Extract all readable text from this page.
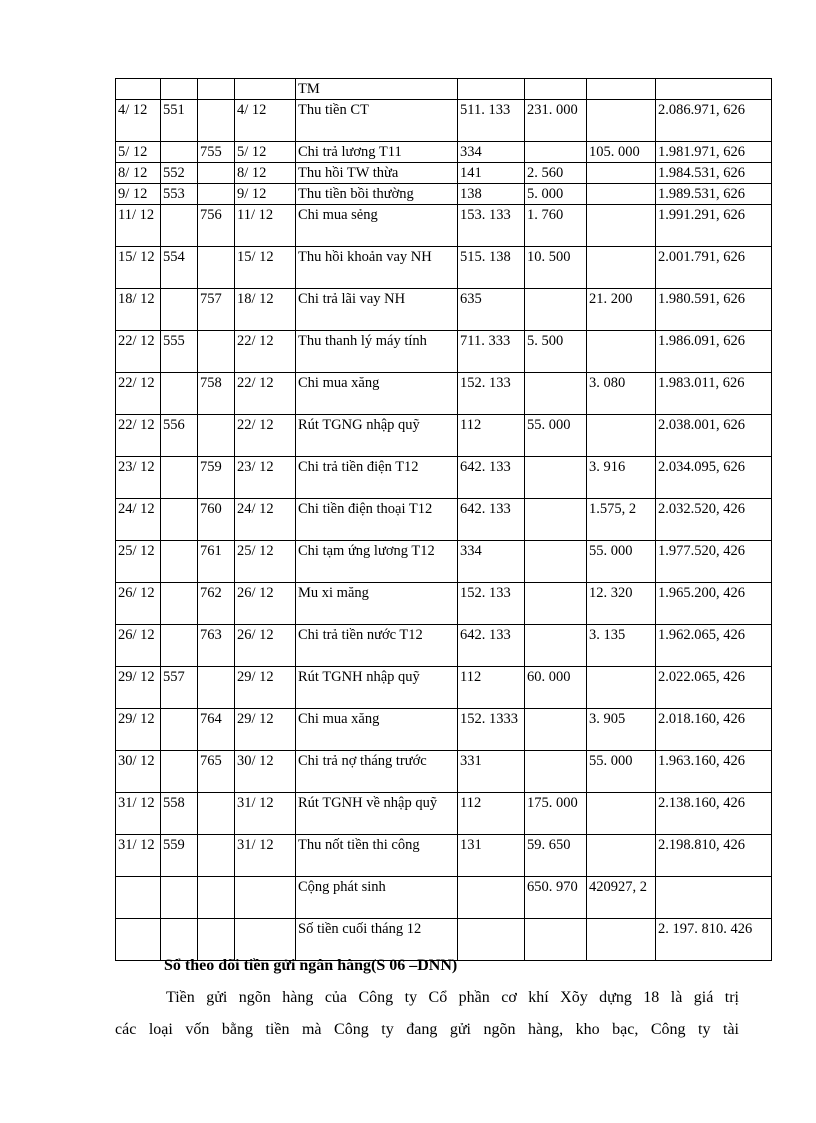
				TM				
4/ 12	551		4/ 12	Thu tiền CT	511. 133	231. 000		2.086.971, 626
5/ 12		755	5/ 12	Chi trả lương T11	334		105. 000	1.981.971, 626
8/ 12	552		8/ 12	Thu hồi TW thừa	141	2. 560		1.984.531, 626
9/ 12	553		9/ 12	Thu tiền bồi thường	138	5. 000		1.989.531, 626
11/ 12		756	11/ 12	Chi mua sẻng	153. 133	1. 760		1.991.291, 626
15/ 12	554		15/ 12	Thu hồi khoản vay NH	515. 138	10. 500		2.001.791, 626
18/ 12		757	18/ 12	Chi trả lãi vay NH	635		21. 200	1.980.591, 626
22/ 12	555		22/ 12	Thu thanh lý máy tính	711. 333	5. 500		1.986.091, 626
22/ 12		758	22/ 12	Chi mua xăng	152. 133		3. 080	1.983.011, 626
22/ 12	556		22/ 12	Rút TGNG nhập quỹ	112	55. 000		2.038.001, 626
23/ 12		759	23/ 12	Chi trả tiền điện T12	642. 133		3. 916	2.034.095, 626
24/ 12		760	24/ 12	Chi tiền điện thoại T12	642. 133		1.575, 2	2.032.520, 426
25/ 12		761	25/ 12	Chi tạm ứng lương T12	334		55. 000	1.977.520, 426
26/ 12		762	26/ 12	Mu xi măng	152. 133		12. 320	1.965.200, 426
26/ 12		763	26/ 12	Chi trả tiền nước T12	642. 133		3. 135	1.962.065, 426
29/ 12	557		29/ 12	Rút TGNH nhập quỹ	112	60. 000		2.022.065, 426
29/ 12		764	29/ 12	Chi mua xăng	152. 1333		3. 905	2.018.160, 426
30/ 12		765	30/ 12	Chi trả nợ tháng trước	331		55. 000	1.963.160, 426
31/ 12	558		31/ 12	Rút TGNH về nhập quỹ	112	175. 000		2.138.160, 426
31/ 12	559		31/ 12	Thu nốt tiền thi công	131	59. 650		2.198.810, 426
				Cộng phát sinh		650. 970	420927, 2	
				Số tiền cuối tháng 12				2. 197. 810. 426
Sổ theo dõi tiền gửi ngân hàng(S 06 –DNN)
Tiền gửi ngõn hàng của Công ty Cổ phần cơ khí Xõy dựng 18 là giá trị
các loại vốn bằng tiền mà Công ty đang gửi ngõn hàng, kho bạc, Công ty tài
